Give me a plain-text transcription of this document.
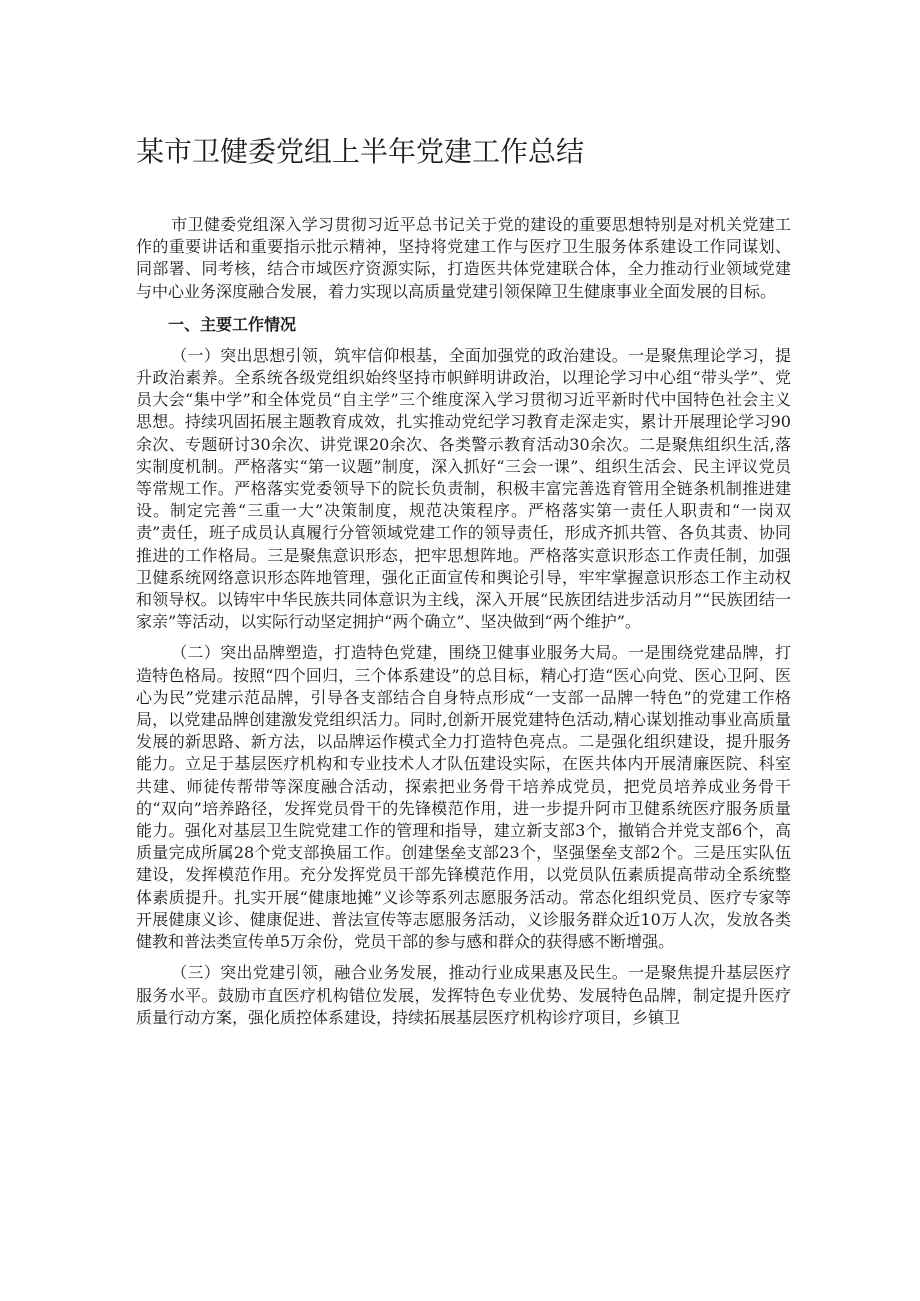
某市卫健委党组上半年党建工作总结

市卫健委党组深入学习贯彻习近平总书记关于党的建设的重要思想特别是对机关党建工作的重要讲话和重要指示批示精神，坚持将党建工作与医疗卫生服务体系建设工作同谋划、同部署、同考核，结合市域医疗资源实际，打造医共体党建联合体，全力推动行业领域党建与中心业务深度融合发展，着力实现以高质量党建引领保障卫生健康事业全面发展的目标。

一、主要工作情况

（一）突出思想引领，筑牢信仰根基，全面加强党的政治建设。一是聚焦理论学习，提升政治素养。全系统各级党组织始终坚持市帜鲜明讲政治，以理论学习中心组“带头学”、党员大会“集中学”和全体党员“自主学”三个维度深入学习贯彻习近平新时代中国特色社会主义思想。持续巩固拓展主题教育成效，扎实推动党纪学习教育走深走实，累计开展理论学习90余次、专题研讨30余次、讲党课20余次、各类警示教育活动30余次。二是聚焦组织生活,落实制度机制。严格落实“第一议题”制度，深入抓好“三会一课”、组织生活会、民主评议党员等常规工作。严格落实党委领导下的院长负责制，积极丰富完善选育管用全链条机制推进建设。制定完善“三重一大”决策制度，规范决策程序。严格落实第一责任人职责和“一岗双责”责任，班子成员认真履行分管领域党建工作的领导责任，形成齐抓共管、各负其责、协同推进的工作格局。三是聚焦意识形态，把牢思想阵地。严格落实意识形态工作责任制，加强卫健系统网络意识形态阵地管理，强化正面宣传和舆论引导，牢牢掌握意识形态工作主动权和领导权。以铸牢中华民族共同体意识为主线，深入开展“民族团结进步活动月”“民族团结一家亲”等活动，以实际行动坚定拥护“两个确立”、坚决做到“两个维护”。

（二）突出品牌塑造，打造特色党建，围绕卫健事业服务大局。一是围绕党建品牌，打造特色格局。按照“四个回归，三个体系建设”的总目标，精心打造“医心向党、医心卫阿、医心为民”党建示范品牌，引导各支部结合自身特点形成“一支部一品牌一特色”的党建工作格局，以党建品牌创建激发党组织活力。同时,创新开展党建特色活动,精心谋划推动事业高质量发展的新思路、新方法，以品牌运作模式全力打造特色亮点。二是强化组织建设，提升服务能力。立足于基层医疗机构和专业技术人才队伍建设实际，在医共体内开展清廉医院、科室共建、师徒传帮带等深度融合活动，探索把业务骨干培养成党员，把党员培养成业务骨干的“双向”培养路径，发挥党员骨干的先锋模范作用，进一步提升阿市卫健系统医疗服务质量能力。强化对基层卫生院党建工作的管理和指导，建立新支部3个，撤销合并党支部6个，高质量完成所属28个党支部换届工作。创建堡垒支部23个，坚强堡垒支部2个。三是压实队伍建设，发挥模范作用。充分发挥党员干部先锋模范作用，以党员队伍素质提高带动全系统整体素质提升。扎实开展“健康地摊”义诊等系列志愿服务活动。常态化组织党员、医疗专家等开展健康义诊、健康促进、普法宣传等志愿服务活动，义诊服务群众近10万人次，发放各类健教和普法类宣传单5万余份，党员干部的参与感和群众的获得感不断增强。

（三）突出党建引领，融合业务发展，推动行业成果惠及民生。一是聚焦提升基层医疗服务水平。鼓励市直医疗机构错位发展，发挥特色专业优势、发展特色品牌，制定提升医疗质量行动方案，强化质控体系建设，持续拓展基层医疗机构诊疗项目，乡镇卫
